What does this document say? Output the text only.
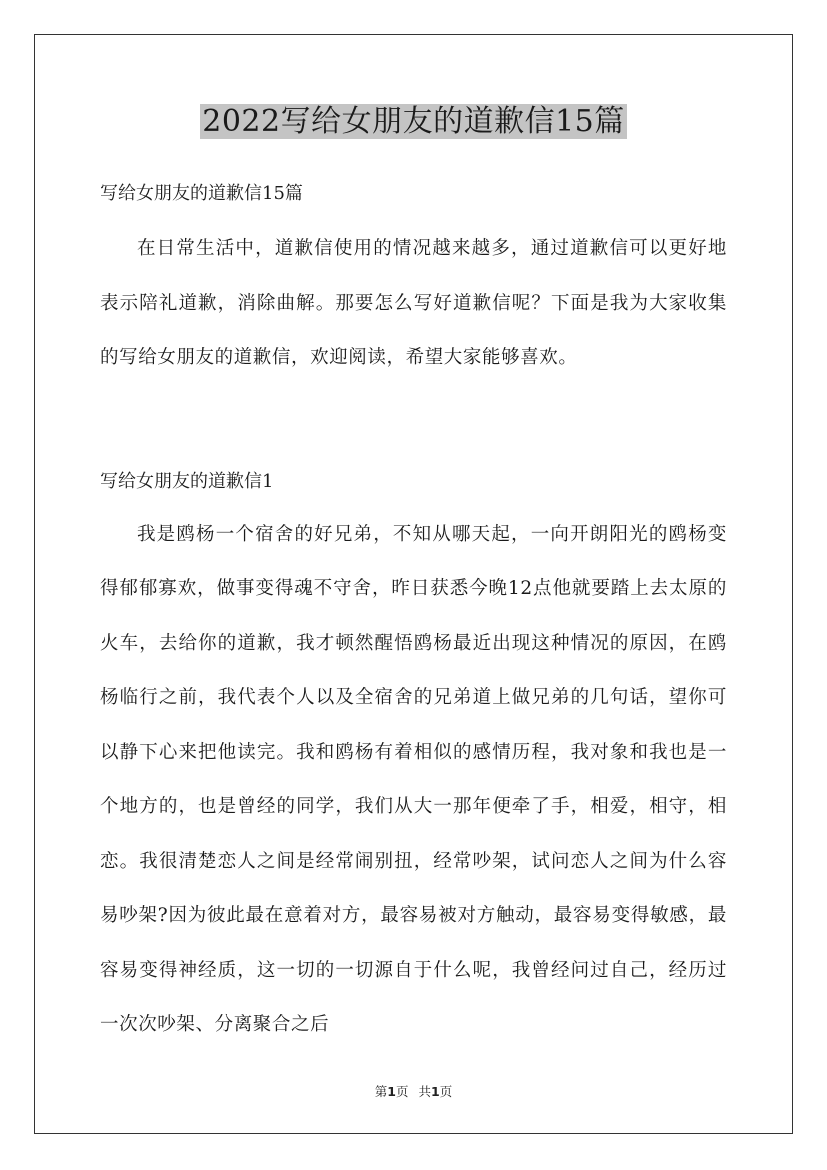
2022写给女朋友的道歉信15篇

写给女朋友的道歉信15篇

在日常生活中，道歉信使用的情况越来越多，通过道歉信可以更好地表示陪礼道歉，消除曲解。那要怎么写好道歉信呢？下面是我为大家收集的写给女朋友的道歉信，欢迎阅读，希望大家能够喜欢。

写给女朋友的道歉信1

我是鸥杨一个宿舍的好兄弟，不知从哪天起，一向开朗阳光的鸥杨变得郁郁寡欢，做事变得魂不守舍，昨日获悉今晚12点他就要踏上去太原的火车，去给你的道歉，我才顿然醒悟鸥杨最近出现这种情况的原因，在鸥杨临行之前，我代表个人以及全宿舍的兄弟道上做兄弟的几句话，望你可以静下心来把他读完。我和鸥杨有着相似的感情历程，我对象和我也是一个地方的，也是曾经的同学，我们从大一那年便牵了手，相爱，相守，相恋。我很清楚恋人之间是经常闹别扭，经常吵架，试问恋人之间为什么容易吵架?因为彼此最在意着对方，最容易被对方触动，最容易变得敏感，最容易变得神经质，这一切的一切源自于什么呢，我曾经问过自己，经历过一次次吵架、分离聚合之后

第1页 共1页
